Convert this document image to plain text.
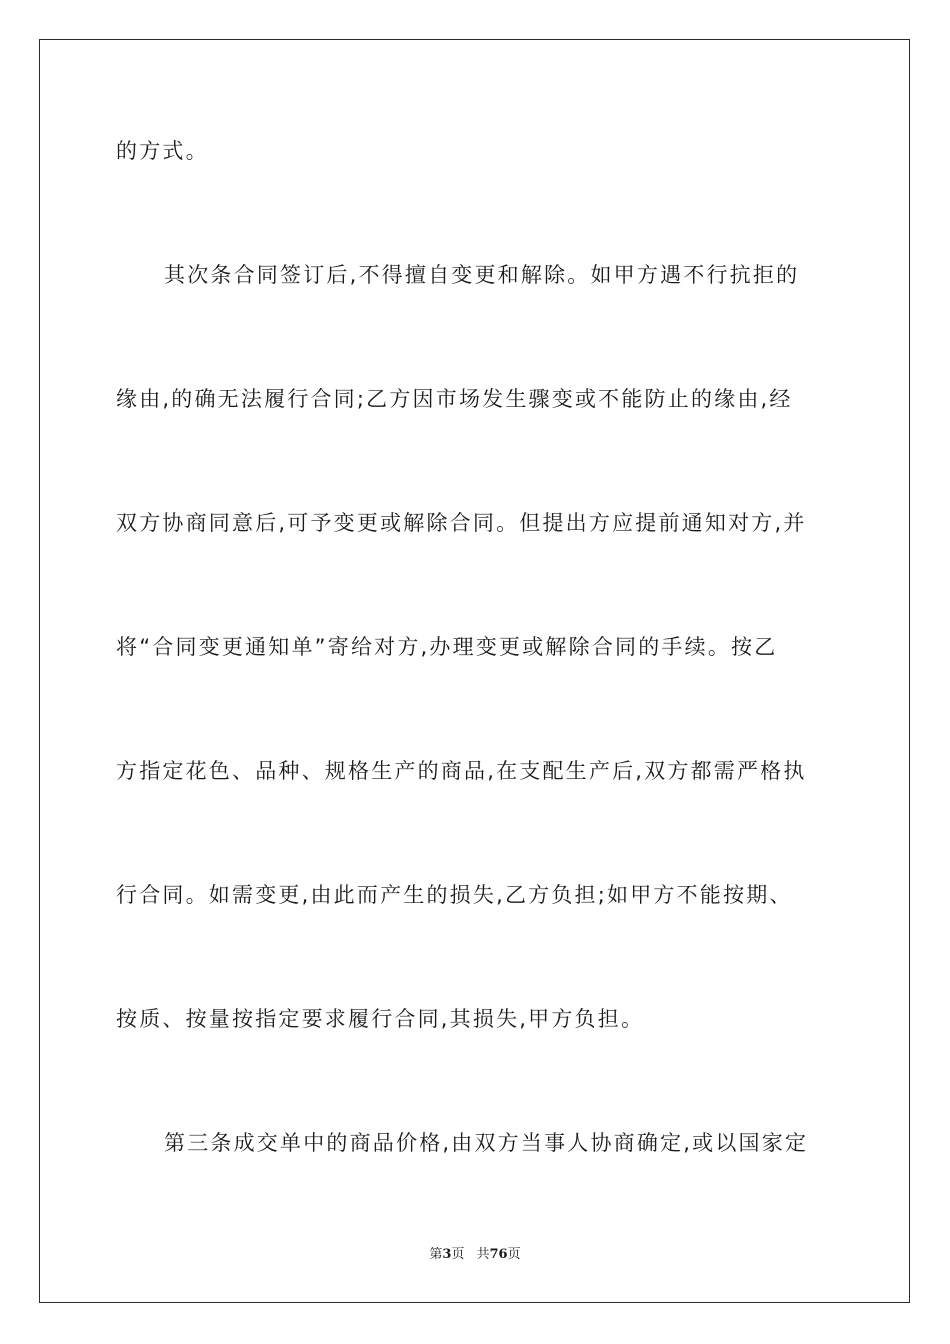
的方式。
其次条合同签订后,不得擅自变更和解除。如甲方遇不行抗拒的
缘由,的确无法履行合同;乙方因市场发生骤变或不能防止的缘由,经
双方协商同意后,可予变更或解除合同。但提出方应提前通知对方,并
将“合同变更通知单”寄给对方,办理变更或解除合同的手续。按乙
方指定花色、品种、规格生产的商品,在支配生产后,双方都需严格执
行合同。如需变更,由此而产生的损失,乙方负担;如甲方不能按期、
按质、按量按指定要求履行合同,其损失,甲方负担。
第三条成交单中的商品价格,由双方当事人协商确定,或以国家定
第3页 共76页
